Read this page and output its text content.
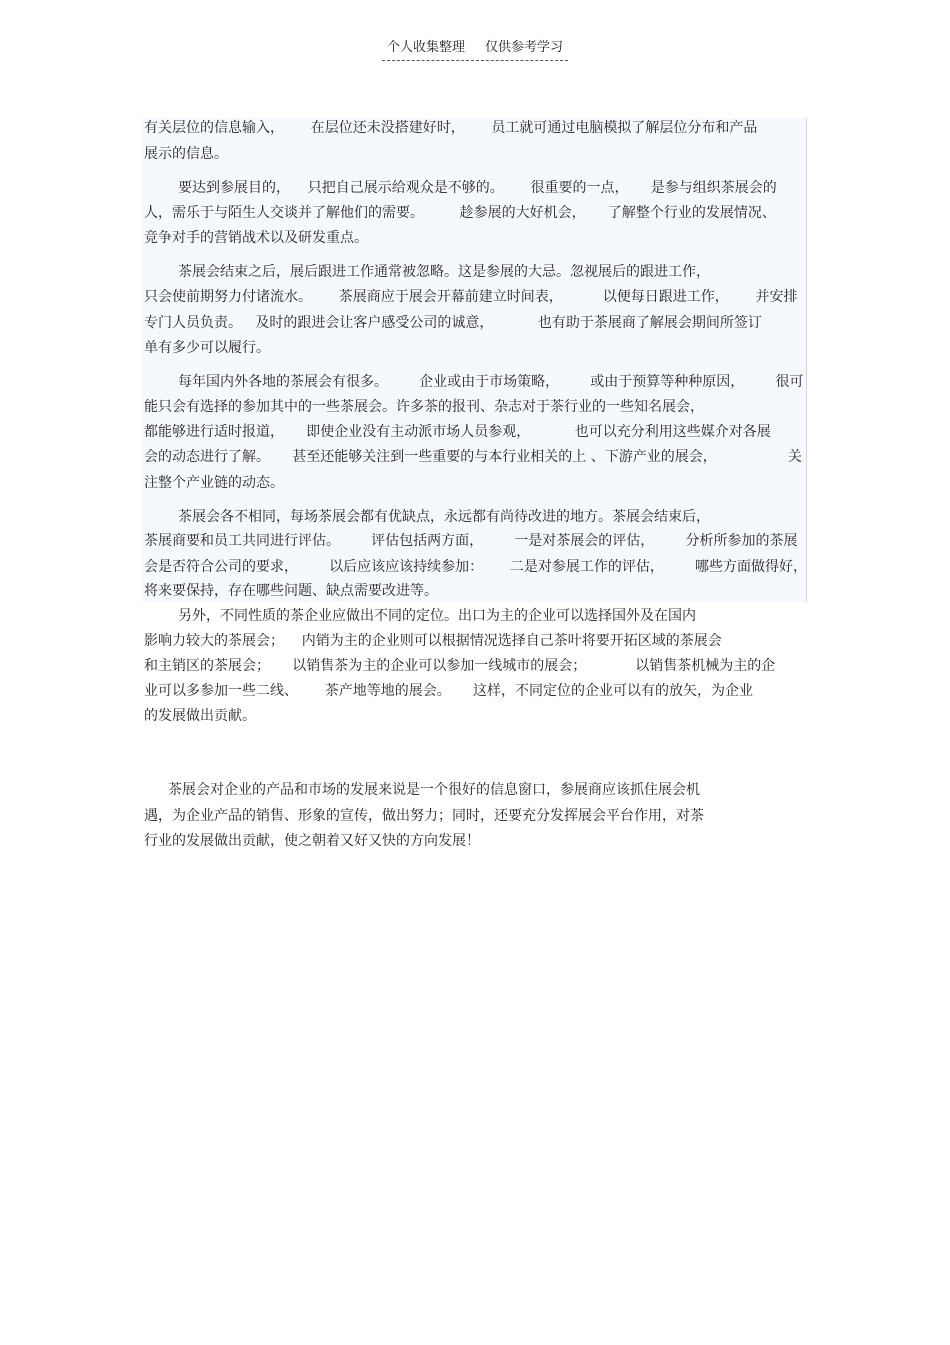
个人收集整理 仅供参考学习
有关层位的信息输入，      在层位还未没搭建好时，      员工就可通过电脑模拟了解层位分布和产品
展示的信息。
要达到参展目的，    只把自己展示给观众是不够的。      很重要的一点，     是参与组织茶展会的
人，需乐于与陌生人交谈并了解他们的需要。        趁参展的大好机会，     了解整个行业的发展情况、
竞争对手的营销战术以及研发重点。
茶展会结束之后，展后跟进工作通常被忽略。这是参展的大忌。忽视展后的跟进工作，
只会使前期努力付诸流水。      茶展商应于展会开幕前建立时间表，         以便每日跟进工作，      并安排
专门人员负责。   及时的跟进会让客户感受公司的诚意，          也有助于茶展商了解展会期间所签订
单有多少可以履行。
每年国内外各地的茶展会有很多。       企业或由于市场策略，       或由于预算等种种原因，       很可
能只会有选择的参加其中的一些茶展会。许多茶的报刊、杂志对于茶行业的一些知名展会，
都能够进行适时报道，     即使企业没有主动派市场人员参观，          也可以充分利用这些媒介对各展
会的动态进行了解。     甚至还能够关注到一些重要的与本行业相关的上 、下游产业的展会，                关
注整个产业链的动态。
茶展会各不相同，每场茶展会都有优缺点，永远都有尚待改进的地方。茶展会结束后，
茶展商要和员工共同进行评估。       评估包括两方面，       一是对茶展会的评估，       分析所参加的茶展
会是否符合公司的要求，       以后应该应该持续参加：      二是对参展工作的评估，       哪些方面做得好，
将来要保持，存在哪些问题、缺点需要改进等。
另外，不同性质的茶企业应做出不同的定位。出口为主的企业可以选择国外及在国内
影响力较大的茶展会；    内销为主的企业则可以根据情况选择自己茶叶将要开拓区域的茶展会
和主销区的茶展会；     以销售茶为主的企业可以参加一线城市的展会；           以销售茶机械为主的企
业可以多参加一些二线、      茶产地等地的展会。     这样，不同定位的企业可以有的放矢，为企业
的发展做出贡献。
茶展会对企业的产品和市场的发展来说是一个很好的信息窗口，参展商应该抓住展会机
遇，为企业产品的销售、形象的宣传，做出努力；同时，还要充分发挥展会平台作用，对茶
行业的发展做出贡献，使之朝着又好又快的方向发展！
